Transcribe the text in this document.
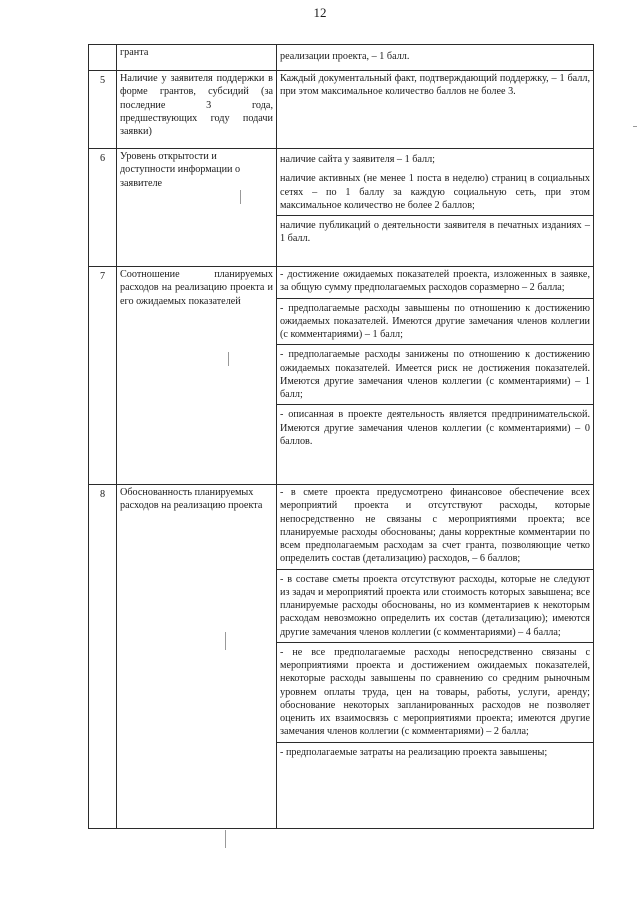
12
	гранта	реализации проекта, – 1 балл.

5	Наличие у заявителя поддержки в форме грантов, субсидий (за последние 3 года, предшествующих году подачи заявки)	Каждый документальный факт, подтверждающий поддержку, – 1 балл, при этом максимальное количество баллов не более 3.

6	Уровень открытости и доступности информации о заявителе	наличие сайта у заявителя – 1 балл;

наличие активных (не менее 1 поста в неделю) страниц в социальных сетях – по 1 баллу за каждую социальную сеть, при этом максимальное количество не более 2 баллов;

наличие публикаций о деятельности заявителя в печатных изданиях – 1 балл.

7	Соотношение планируемых расходов на реализацию проекта и его ожидаемых показателей	- достижение ожидаемых показателей проекта, изложенных в заявке, за общую сумму предполагаемых расходов соразмерно – 2 балла;

- предполагаемые расходы завышены по отношению к достижению ожидаемых показателей. Имеются другие замечания членов коллегии (с комментариями) – 1 балл;

- предполагаемые расходы занижены по отношению к достижению ожидаемых показателей. Имеется риск не достижения показателей. Имеются другие замечания членов коллегии (с комментариями) – 1 балл;

- описанная в проекте деятельность является предпринимательской. Имеются другие замечания членов коллегии (с комментариями) – 0 баллов.

8	Обоснованность планируемых расходов на реализацию проекта	- в смете проекта предусмотрено финансовое обеспечение всех мероприятий проекта и отсутствуют расходы, которые непосредственно не связаны с мероприятиями проекта; все планируемые расходы обоснованы; даны корректные комментарии по всем предполагаемым расходам за счет гранта, позволяющие четко определить состав (детализацию) расходов, – 6 баллов;

- в составе сметы проекта отсутствуют расходы, которые не следуют из задач и мероприятий проекта или стоимость которых завышена; все планируемые расходы обоснованы, но из комментариев к некоторым расходам невозможно определить их состав (детализацию); имеются другие замечания членов коллегии (с комментариями) – 4 балла;

- не все предполагаемые расходы непосредственно связаны с мероприятиями проекта и достижением ожидаемых показателей, некоторые расходы завышены по сравнению со средним рыночным уровнем оплаты труда, цен на товары, работы, услуги, аренду; обоснование некоторых запланированных расходов не позволяет оценить их взаимосвязь с мероприятиями проекта; имеются другие замечания членов коллегии (с комментариями) – 2 балла;

- предполагаемые затраты на реализацию проекта завышены;
